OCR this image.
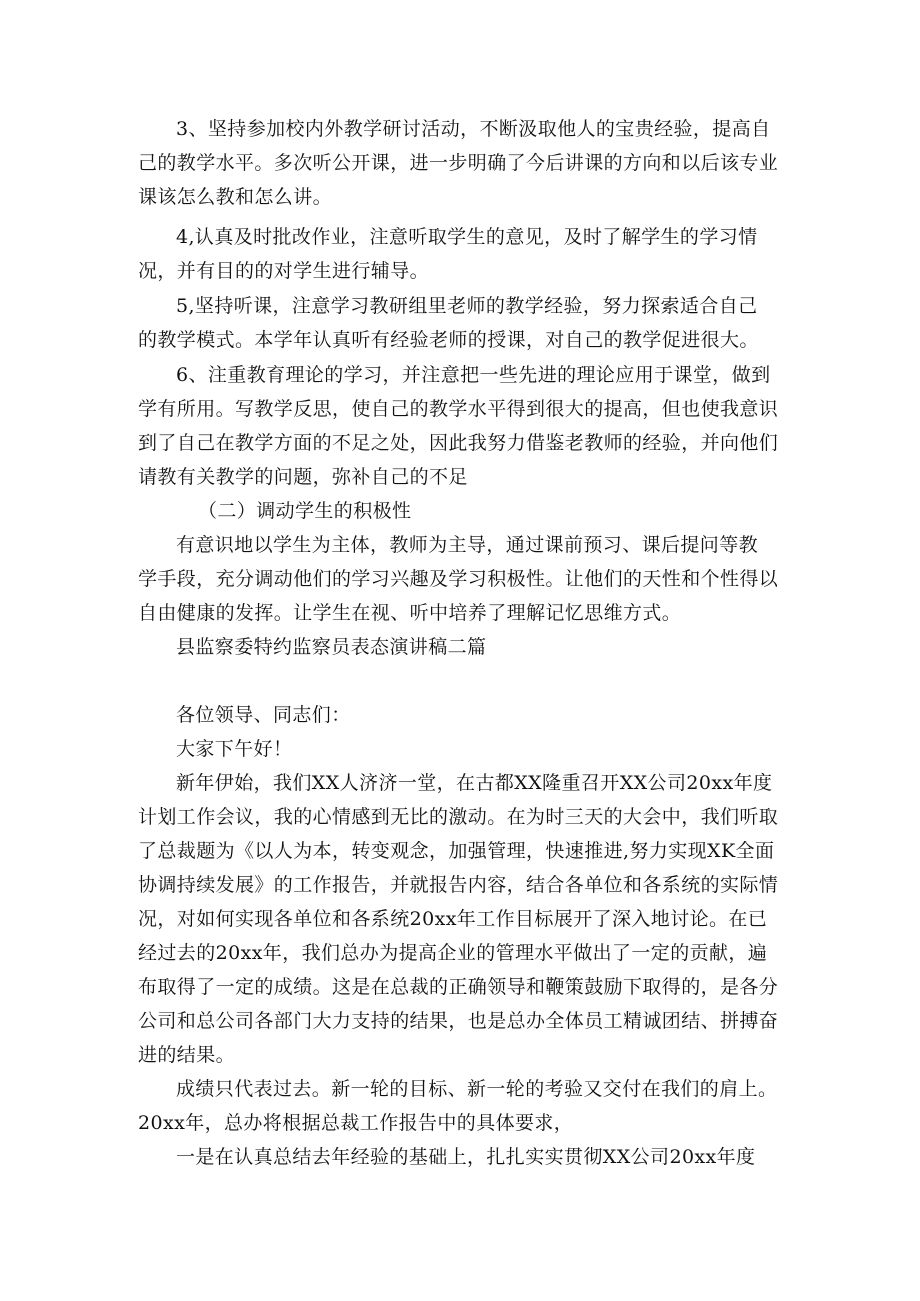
3、坚持参加校内外教学研讨活动，不断汲取他人的宝贵经验，提高自
己的教学水平。多次听公开课，进一步明确了今后讲课的方向和以后该专业
课该怎么教和怎么讲。
4,认真及时批改作业，注意听取学生的意见，及时了解学生的学习情
况，并有目的的对学生进行辅导。
5,坚持听课，注意学习教研组里老师的教学经验，努力探索适合自己
的教学模式。本学年认真听有经验老师的授课，对自己的教学促进很大。
6、注重教育理论的学习，并注意把一些先进的理论应用于课堂，做到
学有所用。写教学反思，使自己的教学水平得到很大的提高，但也使我意识
到了自己在教学方面的不足之处，因此我努力借鉴老教师的经验，并向他们
请教有关教学的问题，弥补自己的不足
（二）调动学生的积极性
有意识地以学生为主体，教师为主导，通过课前预习、课后提问等教
学手段，充分调动他们的学习兴趣及学习积极性。让他们的天性和个性得以
自由健康的发挥。让学生在视、听中培养了理解记忆思维方式。
县监察委特约监察员表态演讲稿二篇
各位领导、同志们：
大家下午好！
新年伊始，我们XX人济济一堂，在古都XX隆重召开XX公司20xx年度
计划工作会议，我的心情感到无比的激动。在为时三天的大会中，我们听取
了总裁题为《以人为本，转变观念，加强管理，快速推进,努力实现XK全面
协调持续发展》的工作报告，并就报告内容，结合各单位和各系统的实际情
况，对如何实现各单位和各系统20xx年工作目标展开了深入地讨论。在已
经过去的20xx年，我们总办为提高企业的管理水平做出了一定的贡献，遍
布取得了一定的成绩。这是在总裁的正确领导和鞭策鼓励下取得的，是各分
公司和总公司各部门大力支持的结果，也是总办全体员工精诚团结、拼搏奋
进的结果。
成绩只代表过去。新一轮的目标、新一轮的考验又交付在我们的肩上。
20xx年，总办将根据总裁工作报告中的具体要求，
一是在认真总结去年经验的基础上，扎扎实实贯彻XX公司20xx年度
